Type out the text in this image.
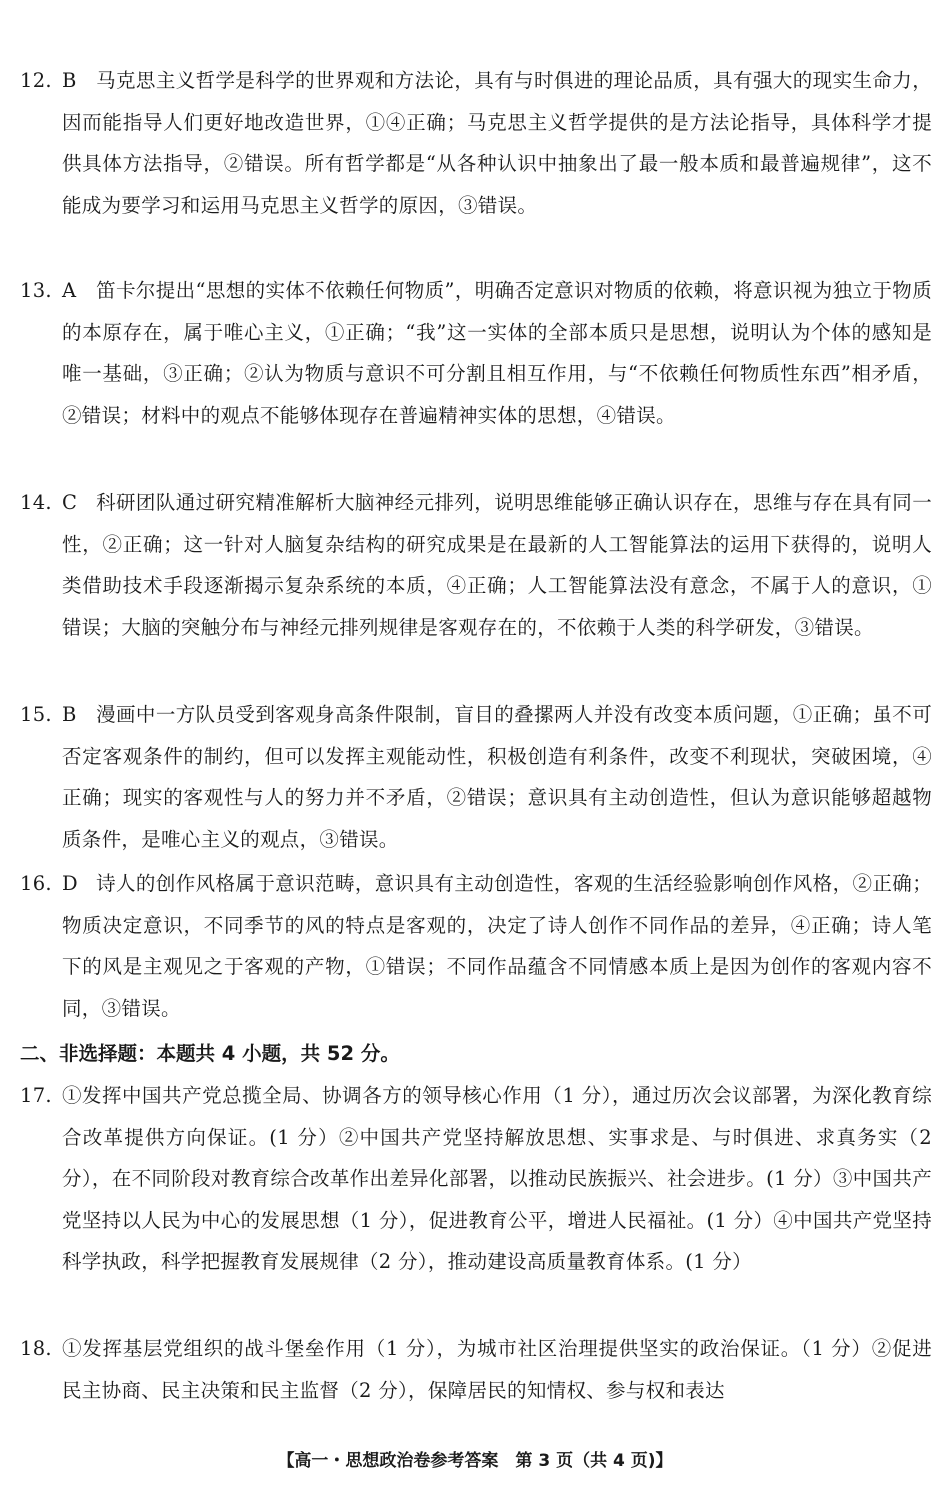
12. B 马克思主义哲学是科学的世界观和方法论，具有与时俱进的理论品质，具有强大的现实生命力，因而能指导人们更好地改造世界，①④正确；马克思主义哲学提供的是方法论指导，具体科学才提供具体方法指导，②错误。所有哲学都是“从各种认识中抽象出了最一般本质和最普遍规律”，这不能成为要学习和运用马克思主义哲学的原因，③错误。
13. A	笛卡尔提出“思想的实体不依赖任何物质”，明确否定意识对物质的依赖，将意识视为独立于物质的本原存在，属于唯心主义，①正确；“我”这一实体的全部本质只是思想，说明认为个体的感知是唯一基础，③正确；②认为物质与意识不可分割且相互作用，与“不依赖任何物质性东西”相矛盾，②错误；材料中的观点不能够体现存在普遍精神实体的思想，④错误。
14. C 科研团队通过研究精准解析大脑神经元排列，说明思维能够正确认识存在，思维与存在具有同一性，②正确；这一针对人脑复杂结构的研究成果是在最新的人工智能算法的运用下获得的，说明人类借助技术手段逐渐揭示复杂系统的本质，④正确；人工智能算法没有意念，不属于人的意识，①错误；大脑的突触分布与神经元排列规律是客观存在的，不依赖于人类的科学研发，③错误。
15. B 漫画中一方队员受到客观身高条件限制，盲目的叠摞两人并没有改变本质问题，①正确；虽不可否定客观条件的制约，但可以发挥主观能动性，积极创造有利条件，改变不利现状，突破困境，④正确；现实的客观性与人的努力并不矛盾，②错误；意识具有主动创造性，但认为意识能够超越物质条件，是唯心主义的观点，③错误。
16. D 诗人的创作风格属于意识范畴，意识具有主动创造性，客观的生活经验影响创作风格，②正确；物质决定意识，不同季节的风的特点是客观的，决定了诗人创作不同作品的差异，④正确；诗人笔下的风是主观见之于客观的产物，①错误；不同作品蕴含不同情感本质上是因为创作的客观内容不同，③错误。
二、非选择题：本题共 4 小题，共 52 分。
17. ①发挥中国共产党总揽全局、协调各方的领导核心作用（1 分），通过历次会议部署，为深化教育综合改革提供方向保证。(1 分）②中国共产党坚持解放思想、实事求是、与时俱进、求真务实（2 分），在不同阶段对教育综合改革作出差异化部署，以推动民族振兴、社会进步。(1 分）③中国共产党坚持以人民为中心的发展思想（1 分），促进教育公平，增进人民福祉。(1 分）④中国共产党坚持科学执政，科学把握教育发展规律（2 分），推动建设高质量教育体系。(1 分）
18. ①发挥基层党组织的战斗堡垒作用（1 分），为城市社区治理提供坚实的政治保证。（1 分）②促进民主协商、民主决策和民主监督（2 分），保障居民的知情权、参与权和表达
【高一・思想政治卷参考答案　第 3 页（共 4 页)】
